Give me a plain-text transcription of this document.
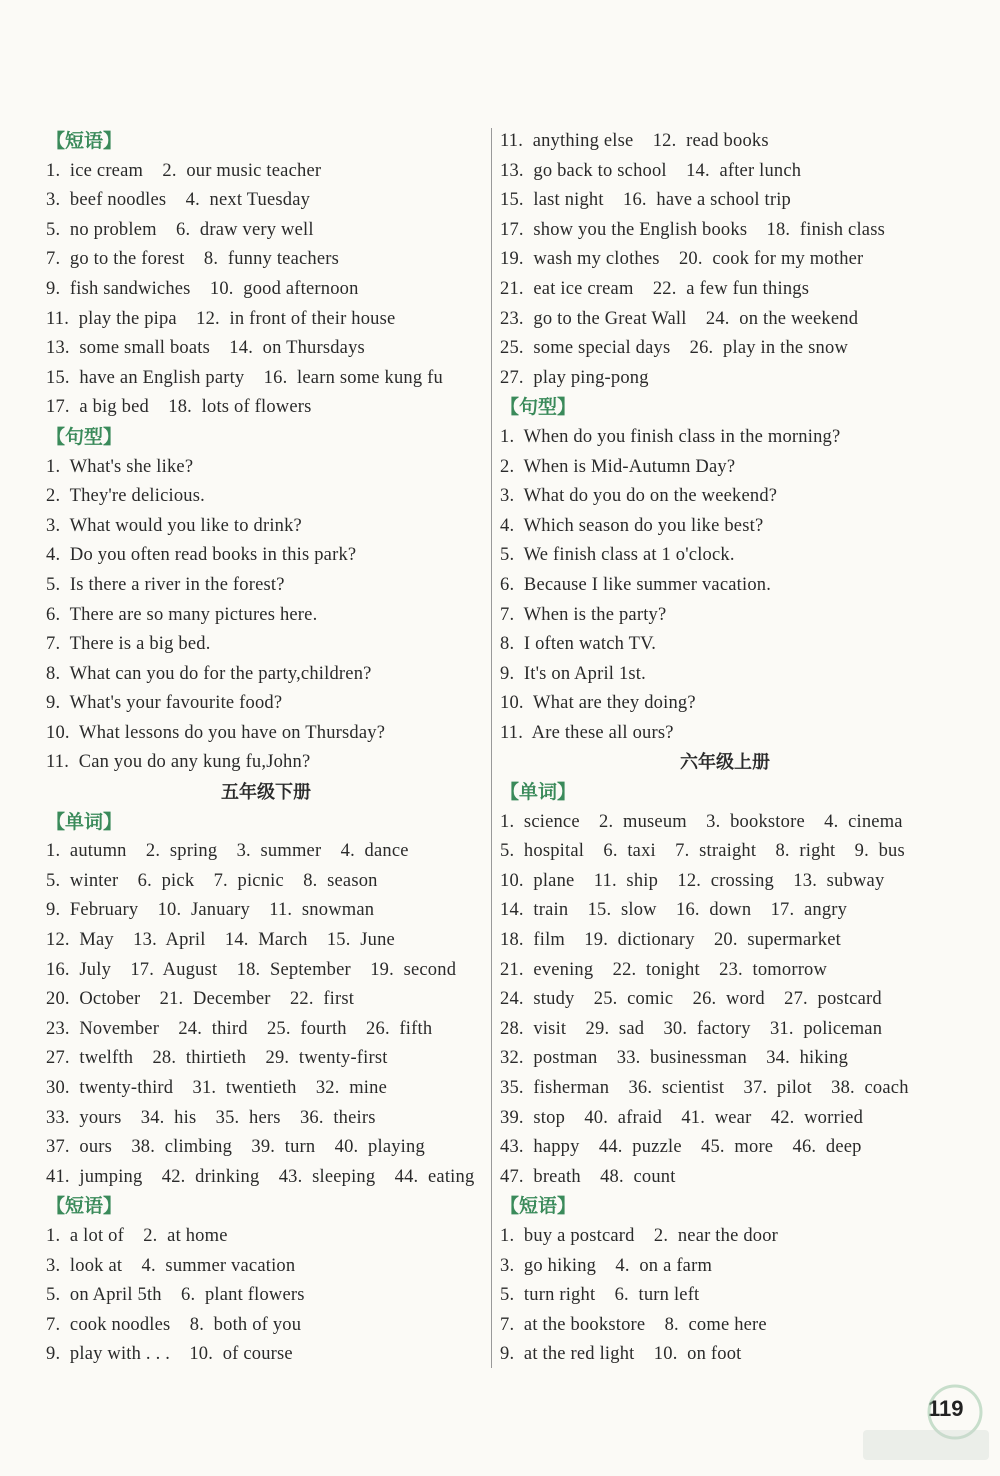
【短语】
1.  ice cream    2.  our music teacher
3.  beef noodles    4.  next Tuesday
5.  no problem    6.  draw very well
7.  go to the forest    8.  funny teachers
9.  fish sandwiches    10.  good afternoon
11.  play the pipa    12.  in front of their house
13.  some small boats    14.  on Thursdays
15.  have an English party    16.  learn some kung fu
17.  a big bed    18.  lots of flowers
【句型】
1.  What's she like?
2.  They're delicious.
3.  What would you like to drink?
4.  Do you often read books in this park?
5.  Is there a river in the forest?
6.  There are so many pictures here.
7.  There is a big bed.
8.  What can you do for the party,children?
9.  What's your favourite food?
10.  What lessons do you have on Thursday?
11.  Can you do any kung fu,John?
五年级下册
【单词】
1.  autumn    2.  spring    3.  summer    4.  dance
5.  winter    6.  pick    7.  picnic    8.  season
9.  February    10.  January    11.  snowman
12.  May    13.  April    14.  March    15.  June
16.  July    17.  August    18.  September    19.  second
20.  October    21.  December    22.  first
23.  November    24.  third    25.  fourth    26.  fifth
27.  twelfth    28.  thirtieth    29.  twenty-first
30.  twenty-third    31.  twentieth    32.  mine
33.  yours    34.  his    35.  hers    36.  theirs
37.  ours    38.  climbing    39.  turn    40.  playing
41.  jumping    42.  drinking    43.  sleeping    44.  eating
【短语】
1.  a lot of    2.  at home
3.  look at    4.  summer vacation
5.  on April 5th    6.  plant flowers
7.  cook noodles    8.  both of you
9.  play with . . .    10.  of course
11.  anything else    12.  read books
13.  go back to school    14.  after lunch
15.  last night    16.  have a school trip
17.  show you the English books    18.  finish class
19.  wash my clothes    20.  cook for my mother
21.  eat ice cream    22.  a few fun things
23.  go to the Great Wall    24.  on the weekend
25.  some special days    26.  play in the snow
27.  play ping-pong
【句型】
1.  When do you finish class in the morning?
2.  When is Mid-Autumn Day?
3.  What do you do on the weekend?
4.  Which season do you like best?
5.  We finish class at 1 o'clock.
6.  Because I like summer vacation.
7.  When is the party?
8.  I often watch TV.
9.  It's on April 1st.
10.  What are they doing?
11.  Are these all ours?
六年级上册
【单词】
1.  science    2.  museum    3.  bookstore    4.  cinema
5.  hospital    6.  taxi    7.  straight    8.  right    9.  bus
10.  plane    11.  ship    12.  crossing    13.  subway
14.  train    15.  slow    16.  down    17.  angry
18.  film    19.  dictionary    20.  supermarket
21.  evening    22.  tonight    23.  tomorrow
24.  study    25.  comic    26.  word    27.  postcard
28.  visit    29.  sad    30.  factory    31.  policeman
32.  postman    33.  businessman    34.  hiking
35.  fisherman    36.  scientist    37.  pilot    38.  coach
39.  stop    40.  afraid    41.  wear    42.  worried
43.  happy    44.  puzzle    45.  more    46.  deep
47.  breath    48.  count
【短语】
1.  buy a postcard    2.  near the door
3.  go hiking    4.  on a farm
5.  turn right    6.  turn left
7.  at the bookstore    8.  come here
9.  at the red light    10.  on foot
119
